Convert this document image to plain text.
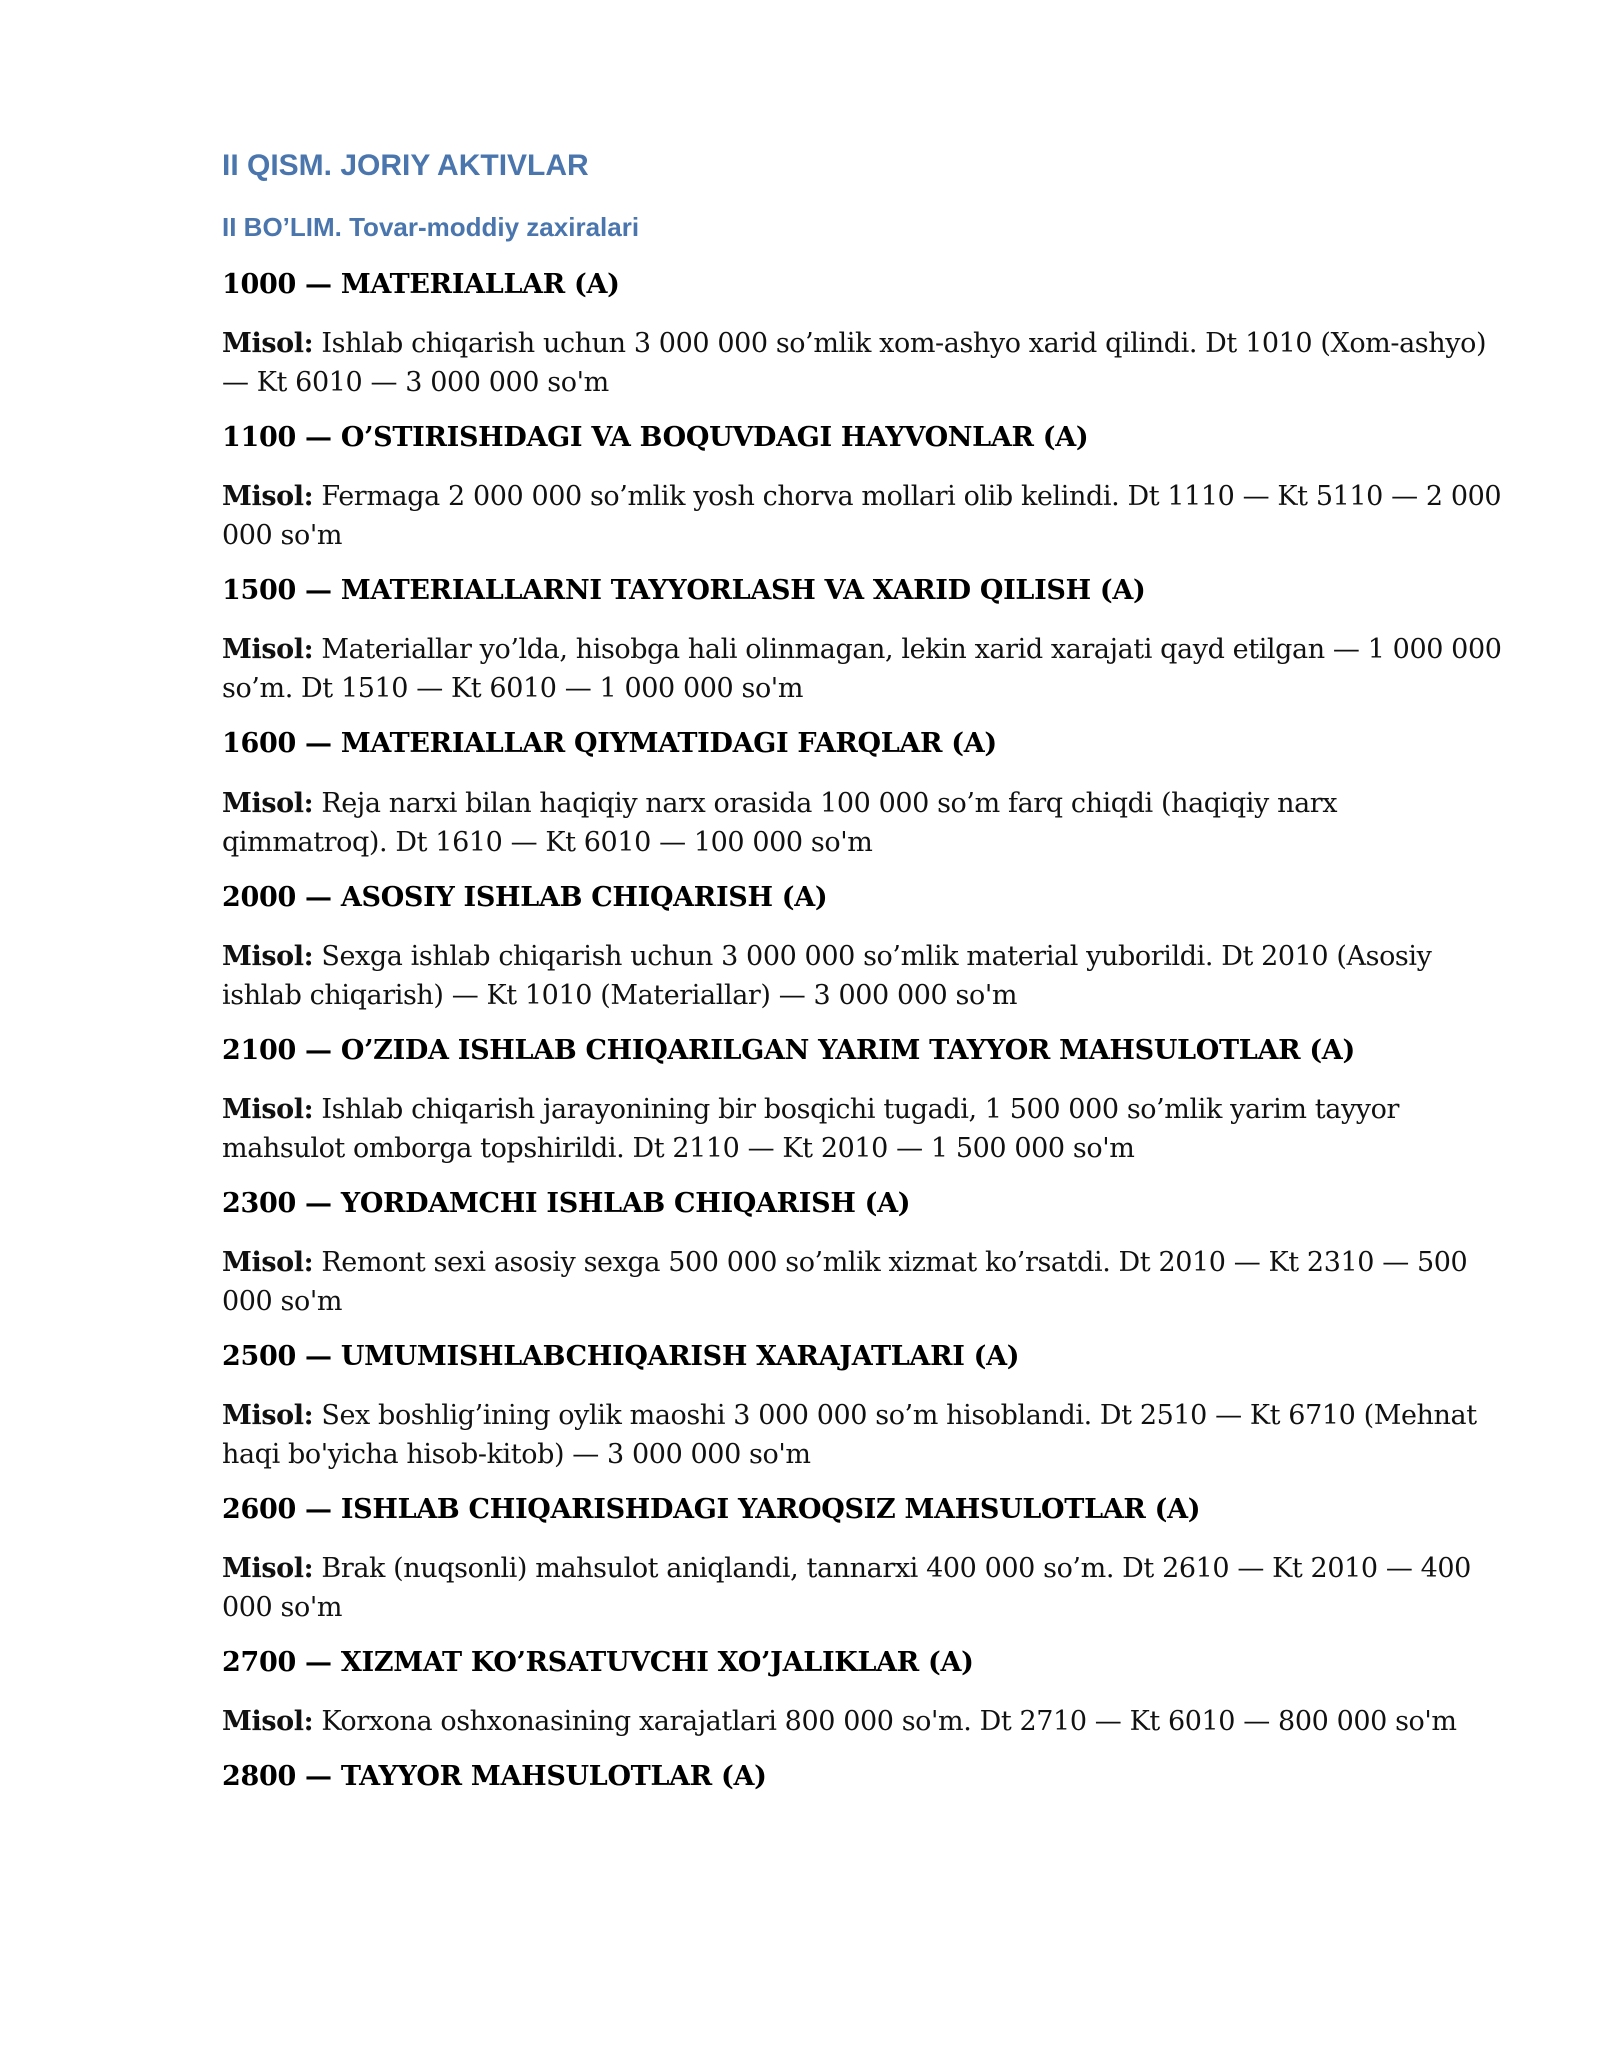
II QISM. JORIY AKTIVLAR
II BO’LIM. Tovar-moddiy zaxiralari
1000 — MATERIALLAR (A)
Misol: Ishlab chiqarish uchun 3 000 000 so’mlik xom-ashyo xarid qilindi. Dt 1010 (Xom-ashyo) — Kt 6010 — 3 000 000 so'm
1100 — O’STIRISHDAGI VA BOQUVDAGI HAYVONLAR (A)
Misol: Fermaga 2 000 000 so’mlik yosh chorva mollari olib kelindi. Dt 1110 — Kt 5110 — 2 000 000 so'm
1500 — MATERIALLARNI TAYYORLASH VA XARID QILISH (A)
Misol: Materiallar yo’lda, hisobga hali olinmagan, lekin xarid xarajati qayd etilgan — 1 000 000 so’m. Dt 1510 — Kt 6010 — 1 000 000 so'm
1600 — MATERIALLAR QIYMATIDAGI FARQLAR (A)
Misol: Reja narxi bilan haqiqiy narx orasida 100 000 so’m farq chiqdi (haqiqiy narx qimmatroq). Dt 1610 — Kt 6010 — 100 000 so'm
2000 — ASOSIY ISHLAB CHIQARISH (A)
Misol: Sexga ishlab chiqarish uchun 3 000 000 so’mlik material yuborildi. Dt 2010 (Asosiy ishlab chiqarish) — Kt 1010 (Materiallar) — 3 000 000 so'm
2100 — O’ZIDA ISHLAB CHIQARILGAN YARIM TAYYOR MAHSULOTLAR (A)
Misol: Ishlab chiqarish jarayonining bir bosqichi tugadi, 1 500 000 so’mlik yarim tayyor mahsulot omborga topshirildi. Dt 2110 — Kt 2010 — 1 500 000 so'm
2300 — YORDAMCHI ISHLAB CHIQARISH (A)
Misol: Remont sexi asosiy sexga 500 000 so’mlik xizmat ko’rsatdi. Dt 2010 — Kt 2310 — 500 000 so'm
2500 — UMUMISHLABCHIQARISH XARAJATLARI (A)
Misol: Sex boshlig’ining oylik maoshi 3 000 000 so’m hisoblandi. Dt 2510 — Kt 6710 (Mehnat haqi bo'yicha hisob-kitob) — 3 000 000 so'm
2600 — ISHLAB CHIQARISHDAGI YAROQSIZ MAHSULOTLAR (A)
Misol: Brak (nuqsonli) mahsulot aniqlandi, tannarxi 400 000 so’m. Dt 2610 — Kt 2010 — 400 000 so'm
2700 — XIZMAT KO’RSATUVCHI XO’JALIKLAR (A)
Misol: Korxona oshxonasining xarajatlari 800 000 so'm. Dt 2710 — Kt 6010 — 800 000 so'm
2800 — TAYYOR MAHSULOTLAR (A)
